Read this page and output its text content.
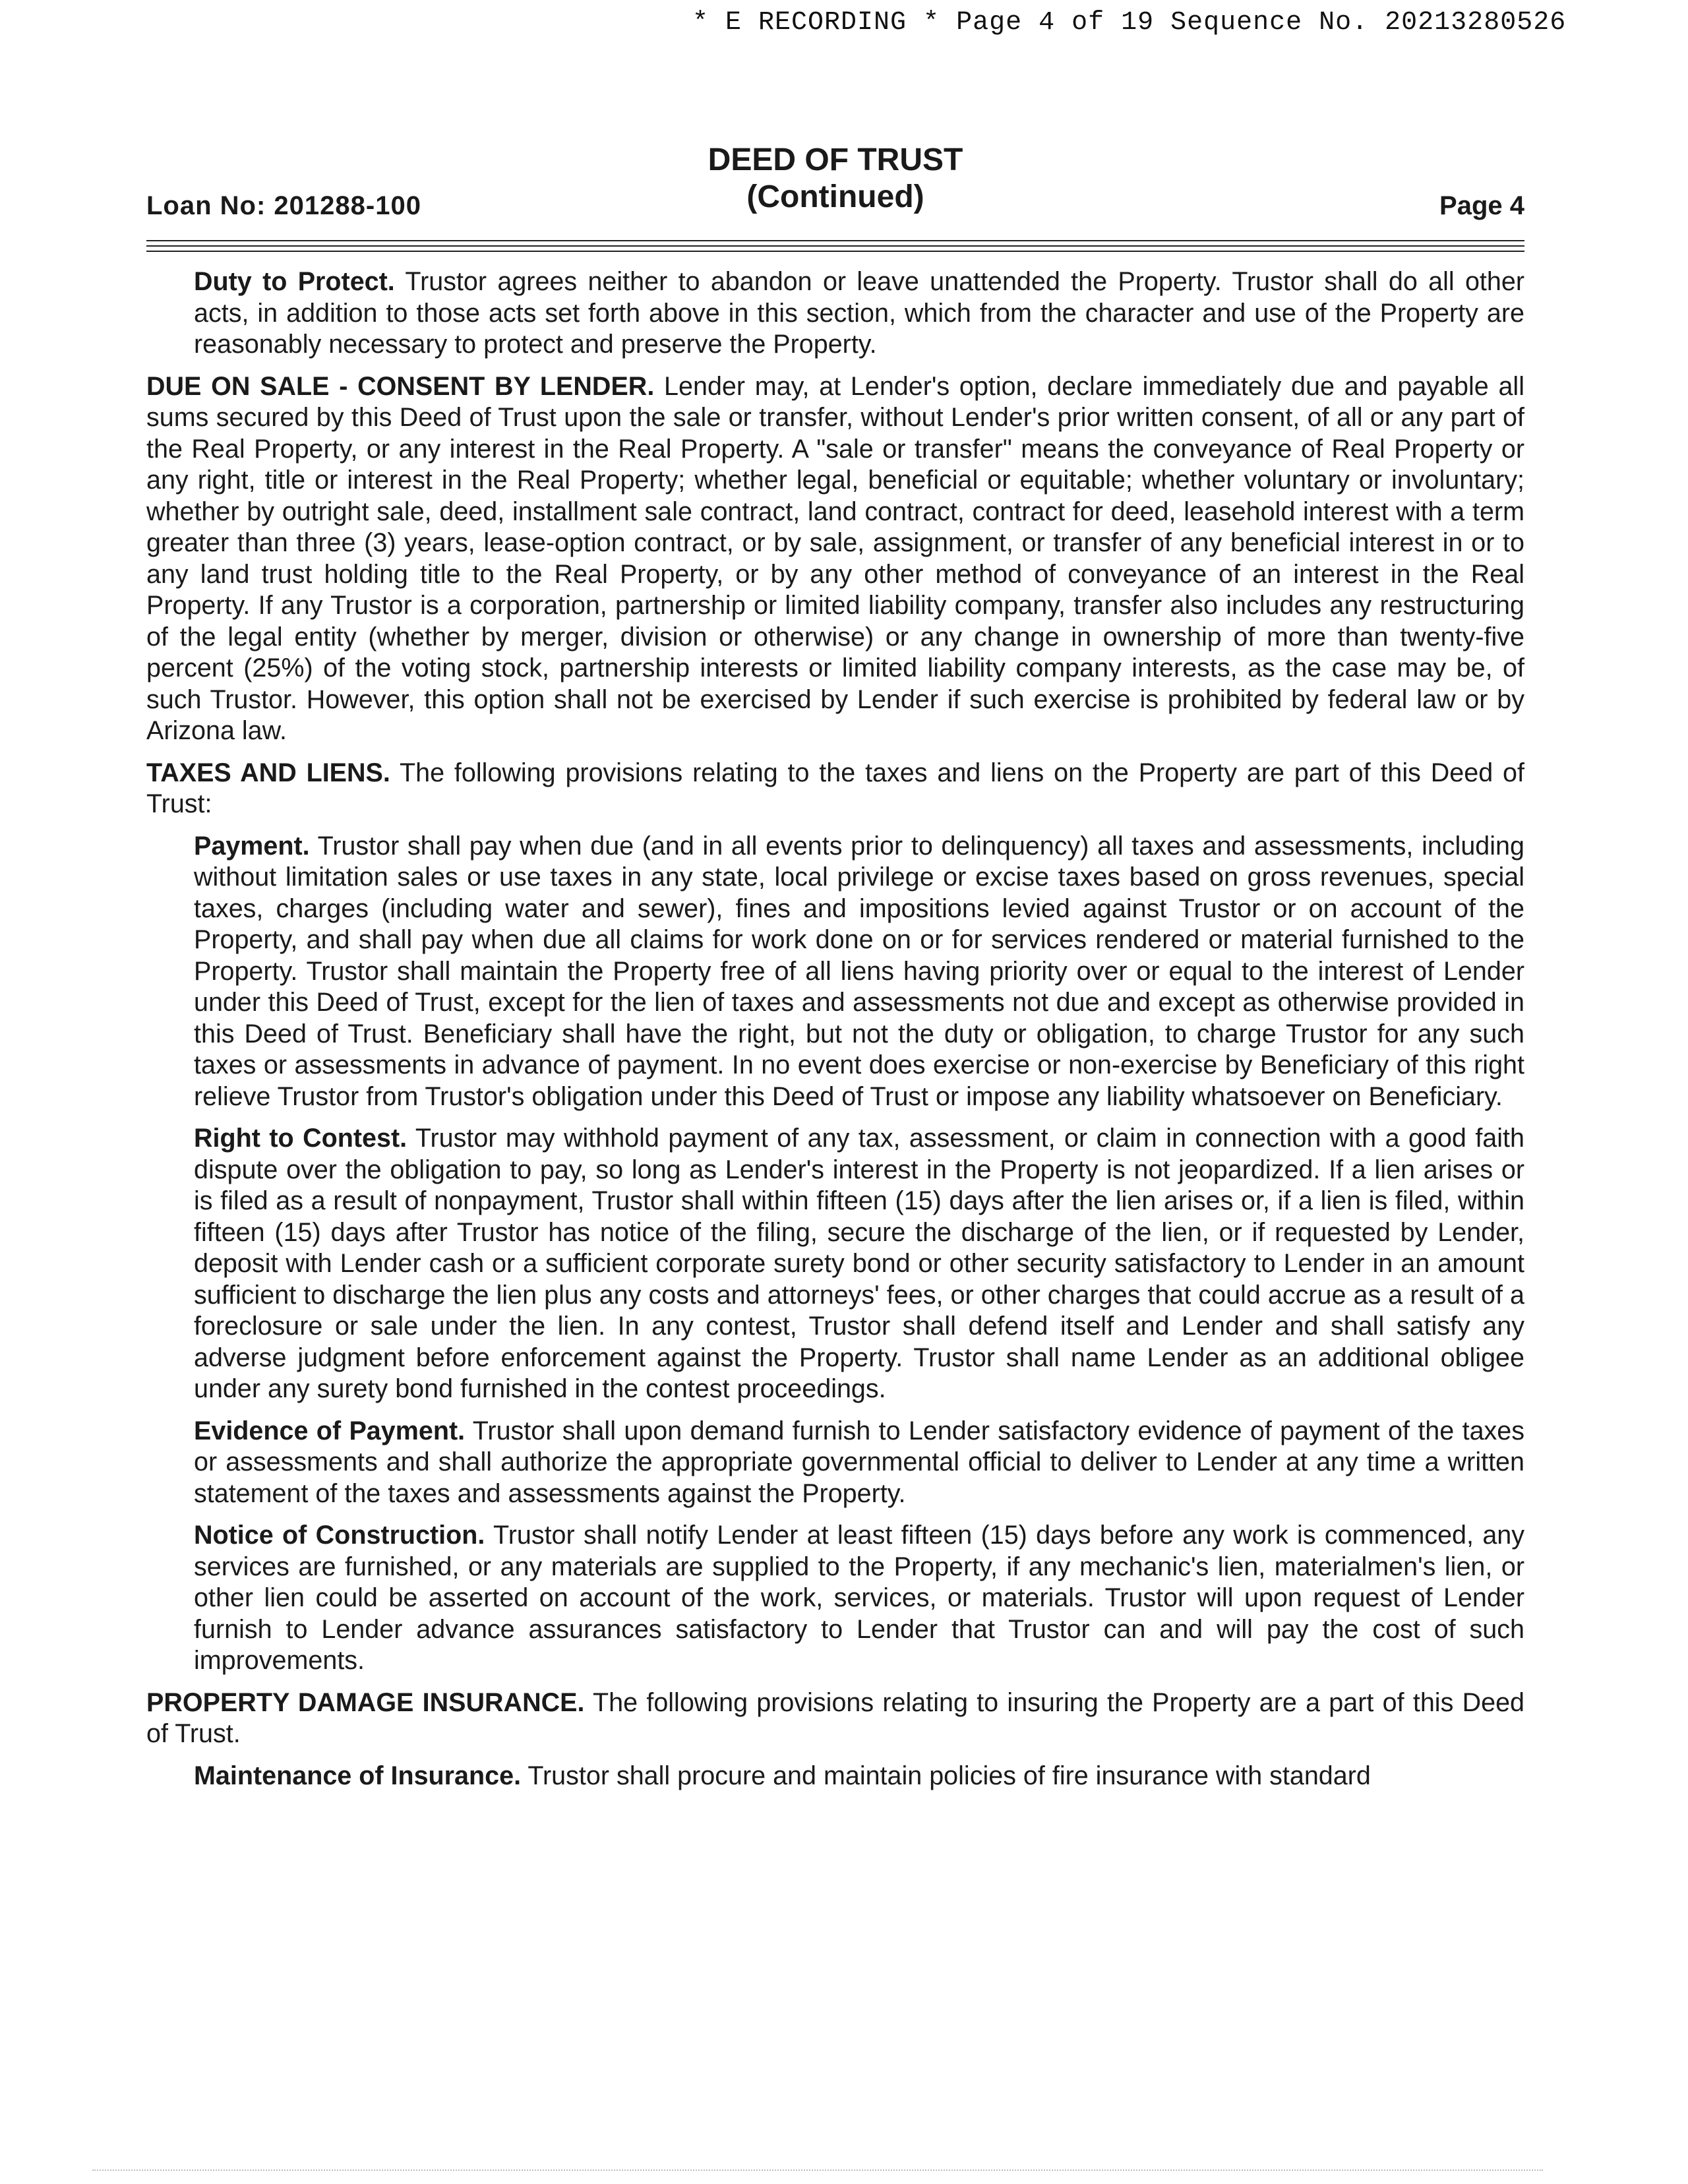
* E RECORDING * Page 4 of 19 Sequence No. 20213280526
Loan No: 201288-100
DEED OF TRUST
(Continued)	Page 4

Duty to Protect. Trustor agrees neither to abandon or leave unattended the Property. Trustor shall do all other acts, in addition to those acts set forth above in this section, which from the character and use of the Property are reasonably necessary to protect and preserve the Property.

DUE ON SALE - CONSENT BY LENDER. Lender may, at Lender's option, declare immediately due and payable all sums secured by this Deed of Trust upon the sale or transfer, without Lender's prior written consent, of all or any part of the Real Property, or any interest in the Real Property. A "sale or transfer" means the conveyance of Real Property or any right, title or interest in the Real Property; whether legal, beneficial or equitable; whether voluntary or involuntary; whether by outright sale, deed, installment sale contract, land contract, contract for deed, leasehold interest with a term greater than three (3) years, lease-option contract, or by sale, assignment, or transfer of any beneficial interest in or to any land trust holding title to the Real Property, or by any other method of conveyance of an interest in the Real Property. If any Trustor is a corporation, partnership or limited liability company, transfer also includes any restructuring of the legal entity (whether by merger, division or otherwise) or any change in ownership of more than twenty-five percent (25%) of the voting stock, partnership interests or limited liability company interests, as the case may be, of such Trustor. However, this option shall not be exercised by Lender if such exercise is prohibited by federal law or by Arizona law.

TAXES AND LIENS. The following provisions relating to the taxes and liens on the Property are part of this Deed of Trust:

Payment. Trustor shall pay when due (and in all events prior to delinquency) all taxes and assessments, including without limitation sales or use taxes in any state, local privilege or excise taxes based on gross revenues, special taxes, charges (including water and sewer), fines and impositions levied against Trustor or on account of the Property, and shall pay when due all claims for work done on or for services rendered or material furnished to the Property. Trustor shall maintain the Property free of all liens having priority over or equal to the interest of Lender under this Deed of Trust, except for the lien of taxes and assessments not due and except as otherwise provided in this Deed of Trust. Beneficiary shall have the right, but not the duty or obligation, to charge Trustor for any such taxes or assessments in advance of payment. In no event does exercise or non-exercise by Beneficiary of this right relieve Trustor from Trustor's obligation under this Deed of Trust or impose any liability whatsoever on Beneficiary.

Right to Contest. Trustor may withhold payment of any tax, assessment, or claim in connection with a good faith dispute over the obligation to pay, so long as Lender's interest in the Property is not jeopardized. If a lien arises or is filed as a result of nonpayment, Trustor shall within fifteen (15) days after the lien arises or, if a lien is filed, within fifteen (15) days after Trustor has notice of the filing, secure the discharge of the lien, or if requested by Lender, deposit with Lender cash or a sufficient corporate surety bond or other security satisfactory to Lender in an amount sufficient to discharge the lien plus any costs and attorneys' fees, or other charges that could accrue as a result of a foreclosure or sale under the lien. In any contest, Trustor shall defend itself and Lender and shall satisfy any adverse judgment before enforcement against the Property. Trustor shall name Lender as an additional obligee under any surety bond furnished in the contest proceedings.

Evidence of Payment. Trustor shall upon demand furnish to Lender satisfactory evidence of payment of the taxes or assessments and shall authorize the appropriate governmental official to deliver to Lender at any time a written statement of the taxes and assessments against the Property.

Notice of Construction. Trustor shall notify Lender at least fifteen (15) days before any work is commenced, any services are furnished, or any materials are supplied to the Property, if any mechanic's lien, materialmen's lien, or other lien could be asserted on account of the work, services, or materials. Trustor will upon request of Lender furnish to Lender advance assurances satisfactory to Lender that Trustor can and will pay the cost of such improvements.

PROPERTY DAMAGE INSURANCE. The following provisions relating to insuring the Property are a part of this Deed of Trust.

Maintenance of Insurance. Trustor shall procure and maintain policies of fire insurance with standard
